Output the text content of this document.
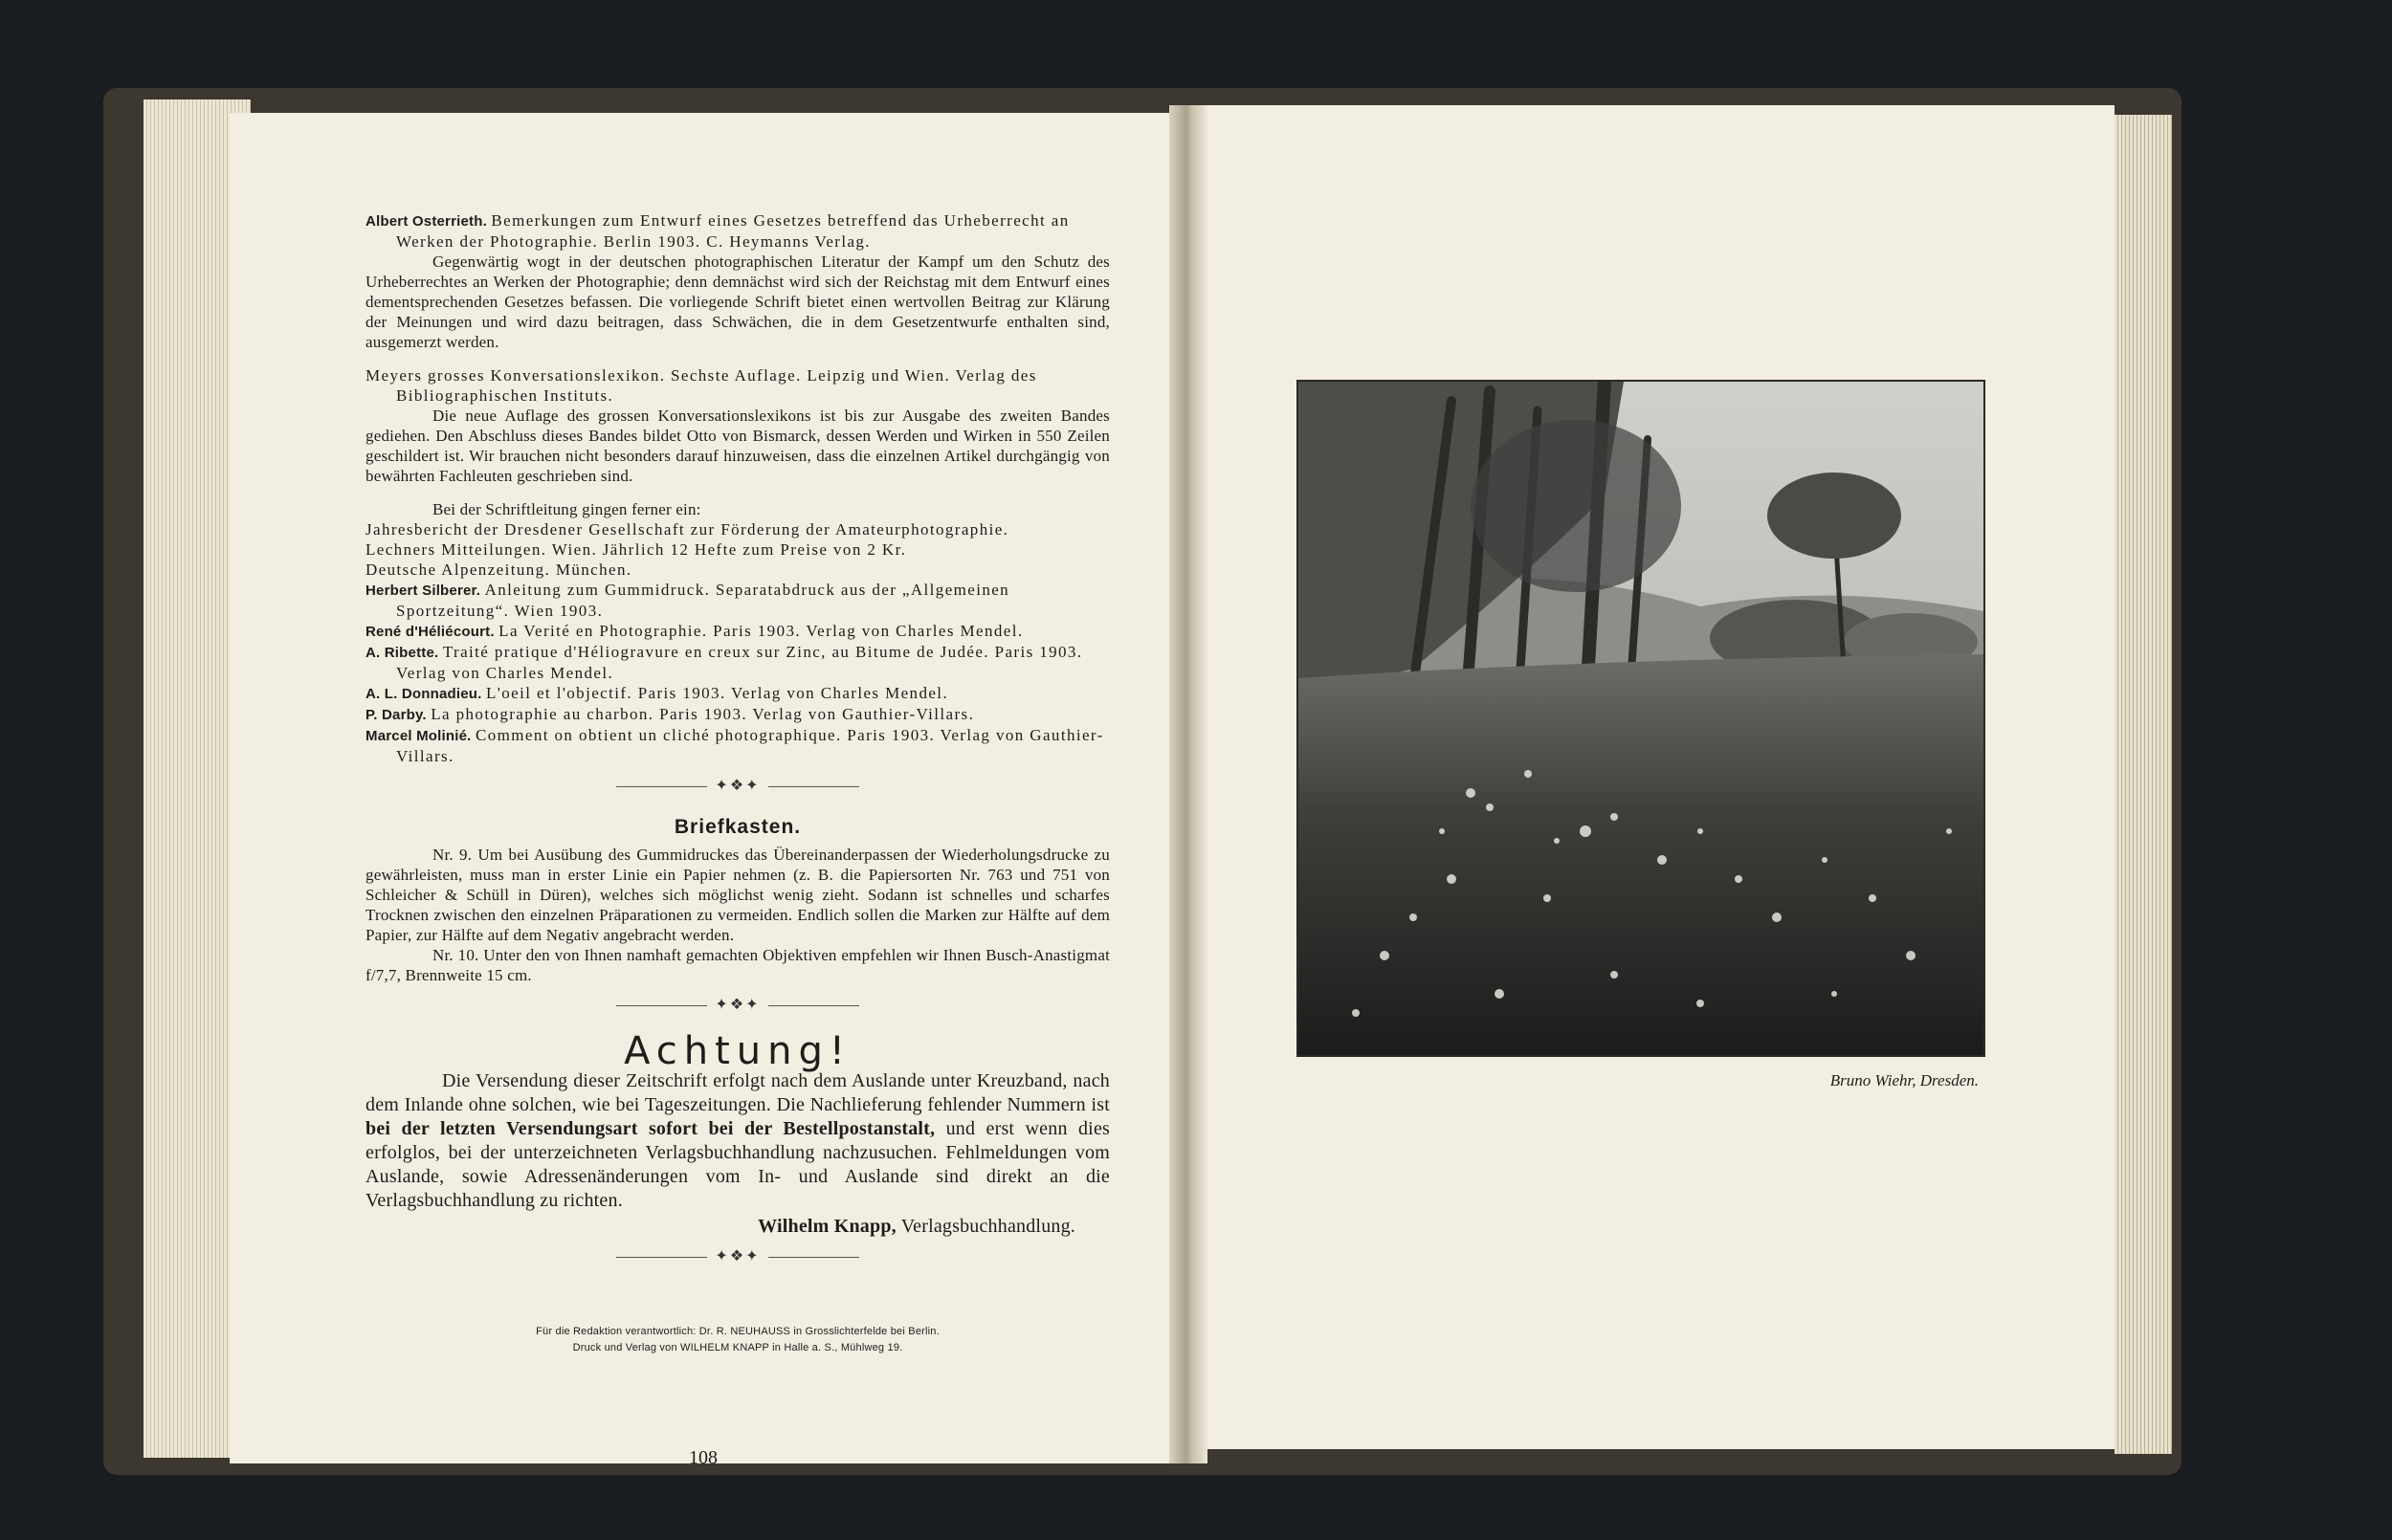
108

Albert Osterrieth. Bemerkungen zum Entwurf eines Gesetzes betreffend das Urheberrecht an Werken der Photographie. Berlin 1903. C. Heymanns Verlag.

Gegenwärtig wogt in der deutschen photographischen Literatur der Kampf um den Schutz des Urheberrechtes an Werken der Photographie; denn demnächst wird sich der Reichstag mit dem Entwurf eines dementsprechenden Gesetzes befassen. Die vorliegende Schrift bietet einen wertvollen Beitrag zur Klärung der Meinungen und wird dazu beitragen, dass Schwächen, die in dem Gesetzentwurfe enthalten sind, ausgemerzt werden.

Meyers grosses Konversationslexikon. Sechste Auflage. Leipzig und Wien. Verlag des Bibliographischen Instituts.

Die neue Auflage des grossen Konversationslexikons ist bis zur Ausgabe des zweiten Bandes gediehen. Den Abschluss dieses Bandes bildet Otto von Bismarck, dessen Werden und Wirken in 550 Zeilen geschildert ist. Wir brauchen nicht besonders darauf hinzuweisen, dass die einzelnen Artikel durchgängig von bewährten Fachleuten geschrieben sind.

Bei der Schriftleitung gingen ferner ein:

Jahresbericht der Dresdener Gesellschaft zur Förderung der Amateurphotographie.

Lechners Mitteilungen. Wien. Jährlich 12 Hefte zum Preise von 2 Kr.

Deutsche Alpenzeitung. München.

Herbert Silberer. Anleitung zum Gummidruck. Separatabdruck aus der „Allgemeinen Sportzeitung“. Wien 1903.

René d'Héliécourt. La Verité en Photographie. Paris 1903. Verlag von Charles Mendel.

A. Ribette. Traité pratique d'Héliogravure en creux sur Zinc, au Bitume de Judée. Paris 1903. Verlag von Charles Mendel.

A. L. Donnadieu. L'oeil et l'objectif. Paris 1903. Verlag von Charles Mendel.

P. Darby. La photographie au charbon. Paris 1903. Verlag von Gauthier-Villars.

Marcel Molinié. Comment on obtient un cliché photographique. Paris 1903. Verlag von Gauthier-Villars.

✦❖✦
Briefkasten.

Nr. 9. Um bei Ausübung des Gummidruckes das Übereinanderpassen der Wiederholungsdrucke zu gewährleisten, muss man in erster Linie ein Papier nehmen (z. B. die Papiersorten Nr. 763 und 751 von Schleicher & Schüll in Düren), welches sich möglichst wenig zieht. Sodann ist schnelles und scharfes Trocknen zwischen den einzelnen Präparationen zu vermeiden. Endlich sollen die Marken zur Hälfte auf dem Papier, zur Hälfte auf dem Negativ angebracht werden.

Nr. 10. Unter den von Ihnen namhaft gemachten Objektiven empfehlen wir Ihnen Busch-Anastigmat f/7,7, Brennweite 15 cm.

✦❖✦
Achtung!

Die Versendung dieser Zeitschrift erfolgt nach dem Auslande unter Kreuzband, nach dem Inlande ohne solchen, wie bei Tageszeitungen. Die Nachlieferung fehlender Nummern ist bei der letzten Versendungsart sofort bei der Bestellpostanstalt, und erst wenn dies erfolglos, bei der unterzeichneten Verlagsbuchhandlung nachzusuchen. Fehlmeldungen vom Auslande, sowie Adressenänderungen vom In- und Auslande sind direkt an die Verlagsbuchhandlung zu richten.

Wilhelm Knapp, Verlagsbuchhandlung.

✦❖✦
Für die Redaktion verantwortlich: Dr. R. NEUHAUSS in Grosslichterfelde bei Berlin.
Druck und Verlag von WILHELM KNAPP in Halle a. S., Mühlweg 19.
Bruno Wiehr, Dresden.
